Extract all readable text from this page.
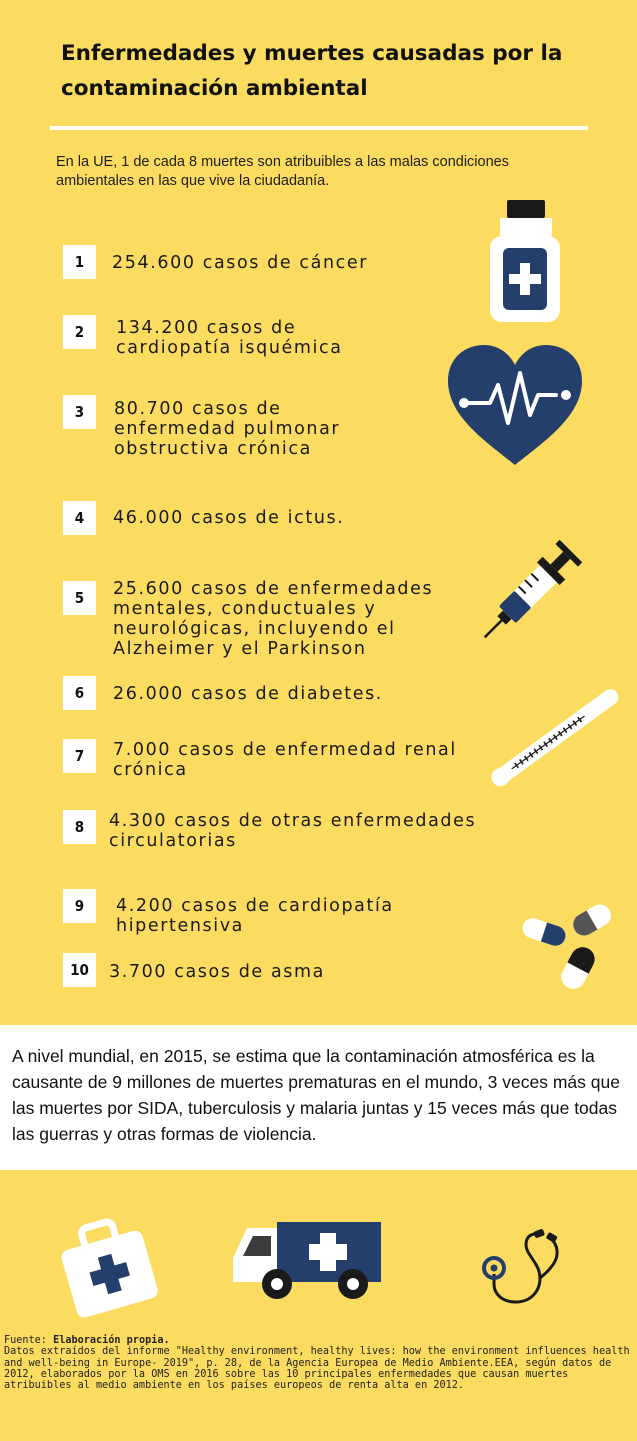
Enfermedades y muertes causadas por la contaminación ambiental
En la UE, 1 de cada 8 muertes son atribuibles a las malas condiciones ambientales en las que vive la ciudadanía.
1	254.600 casos de cáncer
2	134.200 casos de
cardiopatía isquémica
3	80.700 casos de
enfermedad pulmonar
obstructiva crónica
4	46.000 casos de ictus.
5	25.600 casos de enfermedades
mentales, conductuales y
neurológicas, incluyendo el
Alzheimer y el Parkinson
6	26.000 casos de diabetes.
7	7.000 casos de enfermedad renal
crónica
8	4.300 casos de otras enfermedades
circulatorias
9	4.200 casos de cardiopatía
hipertensiva
10	3.700 casos de asma
A nivel mundial, en 2015, se estima que la contaminación atmosférica es la causante de 9 millones de muertes prematuras en el mundo, 3 veces más que las muertes por SIDA, tuberculosis y malaria juntas y 15 veces más que todas las guerras y otras formas de violencia.
Fuente: Elaboración propia.
Datos extraídos del informe "Healthy environment, healthy lives: how the environment influences health and well-being in Europe- 2019", p. 28, de la Agencia Europea de Medio Ambiente.EEA, según datos de 2012, elaborados por la OMS en 2016 sobre las 10 principales enfermedades que causan muertes atribuibles al medio ambiente en los países europeos de renta alta en 2012.
